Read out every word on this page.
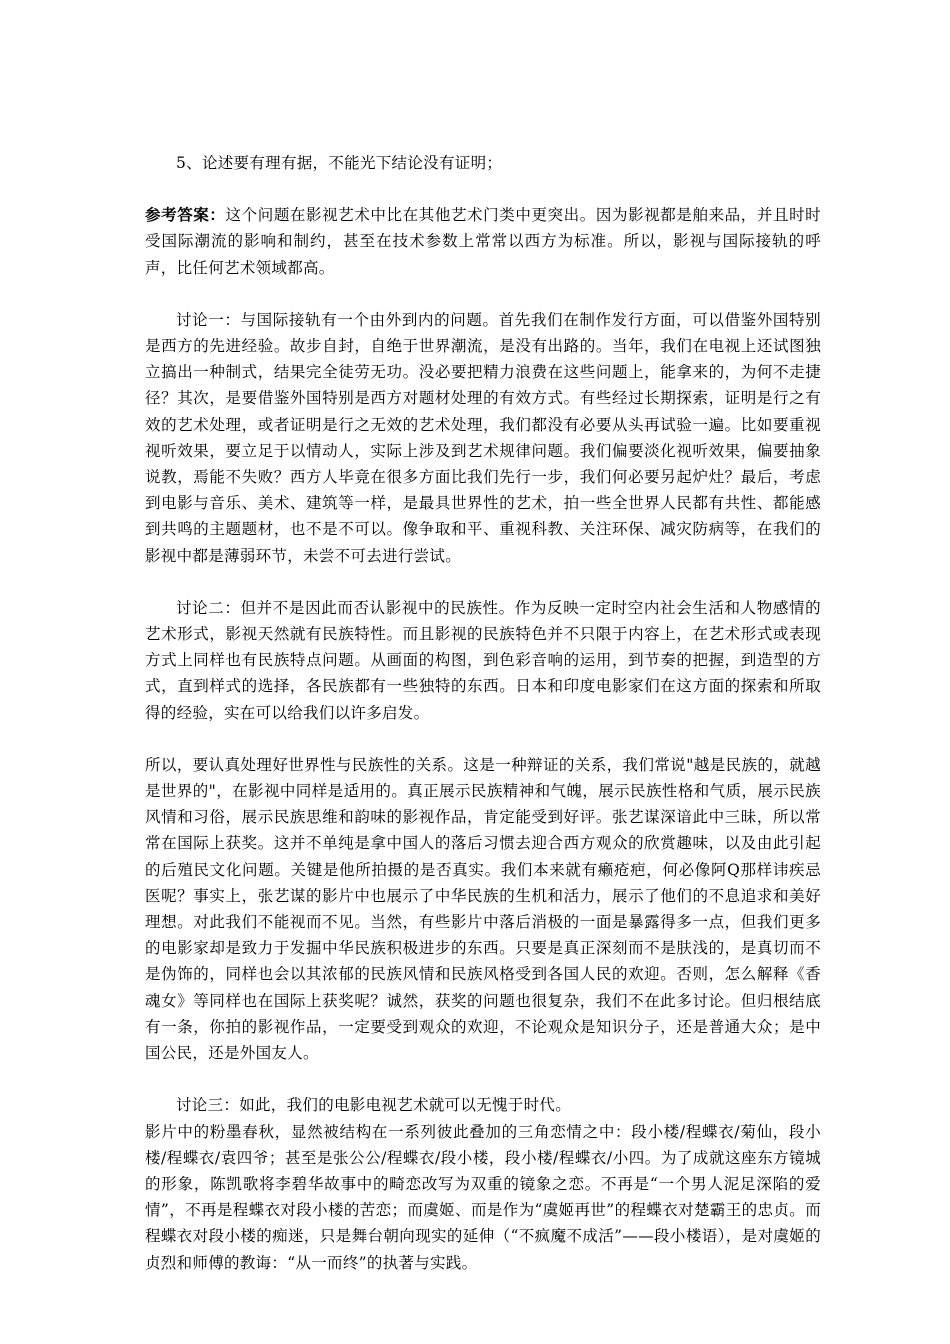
5、论述要有理有据，不能光下结论没有证明；

参考答案：这个问题在影视艺术中比在其他艺术门类中更突出。因为影视都是舶来品，并且时时受国际潮流的影响和制约，甚至在技术参数上常常以西方为标准。所以，影视与国际接轨的呼声，比任何艺术领域都高。

讨论一：与国际接轨有一个由外到内的问题。首先我们在制作发行方面，可以借鉴外国特别是西方的先进经验。故步自封，自绝于世界潮流，是没有出路的。当年，我们在电视上还试图独立搞出一种制式，结果完全徒劳无功。没必要把精力浪费在这些问题上，能拿来的，为何不走捷径？其次，是要借鉴外国特别是西方对题材处理的有效方式。有些经过长期探索，证明是行之有效的艺术处理，或者证明是行之无效的艺术处理，我们都没有必要从头再试验一遍。比如要重视视听效果，要立足于以情动人，实际上涉及到艺术规律问题。我们偏要淡化视听效果，偏要抽象说教，焉能不失败？西方人毕竟在很多方面比我们先行一步，我们何必要另起炉灶？最后，考虑到电影与音乐、美术、建筑等一样，是最具世界性的艺术，拍一些全世界人民都有共性、都能感到共鸣的主题题材，也不是不可以。像争取和平、重视科教、关注环保、减灾防病等，在我们的影视中都是薄弱环节，未尝不可去进行尝试。

讨论二：但并不是因此而否认影视中的民族性。作为反映一定时空内社会生活和人物感情的艺术形式，影视天然就有民族特性。而且影视的民族特色并不只限于内容上，在艺术形式或表现方式上同样也有民族特点问题。从画面的构图，到色彩音响的运用，到节奏的把握，到造型的方式，直到样式的选择，各民族都有一些独特的东西。日本和印度电影家们在这方面的探索和所取得的经验，实在可以给我们以许多启发。

所以，要认真处理好世界性与民族性的关系。这是一种辩证的关系，我们常说"越是民族的，就越是世界的"，在影视中同样是适用的。真正展示民族精神和气魄，展示民族性格和气质，展示民族风情和习俗，展示民族思维和韵味的影视作品，肯定能受到好评。张艺谋深谙此中三昧，所以常常在国际上获奖。这并不单纯是拿中国人的落后习惯去迎合西方观众的欣赏趣味，以及由此引起的后殖民文化问题。关键是他所拍摄的是否真实。我们本来就有癞疮疤，何必像阿Q那样讳疾忌医呢？事实上，张艺谋的影片中也展示了中华民族的生机和活力，展示了他们的不息追求和美好理想。对此我们不能视而不见。当然，有些影片中落后消极的一面是暴露得多一点，但我们更多的电影家却是致力于发掘中华民族积极进步的东西。只要是真正深刻而不是肤浅的，是真切而不是伪饰的，同样也会以其浓郁的民族风情和民族风格受到各国人民的欢迎。否则，怎么解释《香魂女》等同样也在国际上获奖呢？诚然，获奖的问题也很复杂，我们不在此多讨论。但归根结底有一条，你拍的影视作品，一定要受到观众的欢迎，不论观众是知识分子，还是普通大众；是中国公民，还是外国友人。

讨论三：如此，我们的电影电视艺术就可以无愧于时代。

影片中的粉墨春秋，显然被结构在一系列彼此叠加的三角恋情之中：段小楼/程蝶衣/菊仙，段小楼/程蝶衣/袁四爷；甚至是张公公/程蝶衣/段小楼，段小楼/程蝶衣/小四。为了成就这座东方镜城的形象，陈凯歌将李碧华故事中的畸恋改写为双重的镜象之恋。不再是“一个男人泥足深陷的爱情”，不再是程蝶衣对段小楼的苦恋；而虞姬、而是作为“虞姬再世”的程蝶衣对楚霸王的忠贞。而程蝶衣对段小楼的痴迷，只是舞台朝向现实的延伸（“不疯魔不成活”——段小楼语），是对虞姬的贞烈和师傅的教诲：“从一而终”的执著与实践。
